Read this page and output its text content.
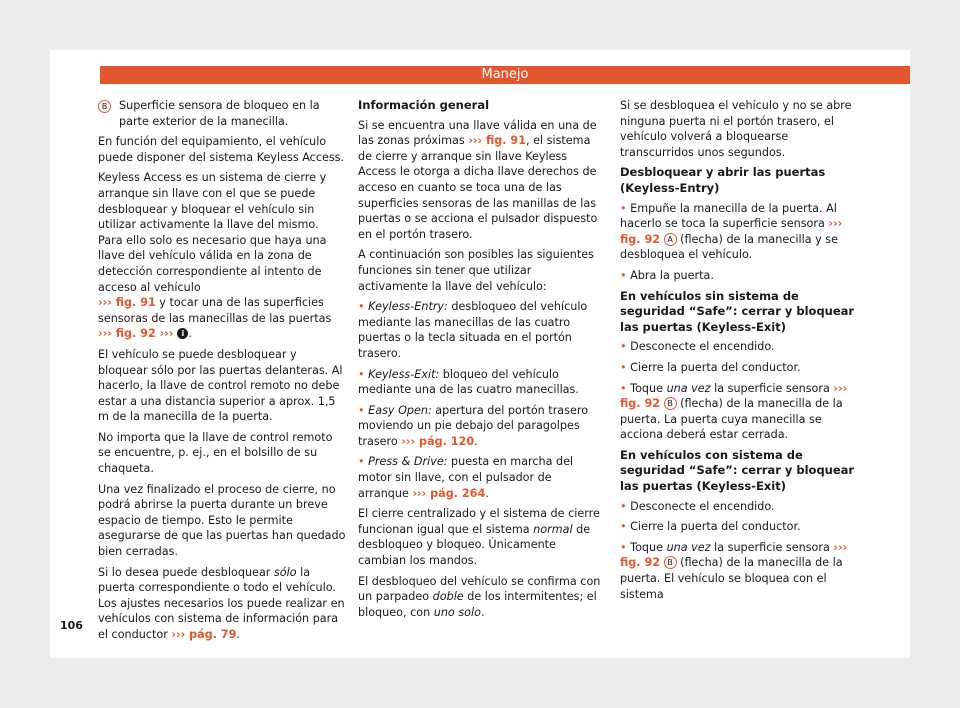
Manejo

B	Superficie sensora de bloqueo en la parte exterior de la manecilla.

En función del equipamiento, el vehículo puede disponer del sistema Keyless Access.

Keyless Access es un sistema de cierre y arranque sin llave con el que se puede desbloquear y bloquear el vehículo sin utilizar activamente la llave del mismo. Para ello solo es necesario que haya una llave del vehículo válida en la zona de detección correspondiente al intento de acceso al vehículo
››› fig. 91 y tocar una de las superficies sensoras de las manecillas de las puertas
››› fig. 92 ››› i .

El vehículo se puede desbloquear y bloquear sólo por las puertas delanteras. Al hacerlo, la llave de control remoto no debe estar a una distancia superior a aprox. 1,5 m de la manecilla de la puerta.

No importa que la llave de control remoto se encuentre, p. ej., en el bolsillo de su chaqueta.

Una vez finalizado el proceso de cierre, no podrá abrirse la puerta durante un breve espacio de tiempo. Esto le permite asegurarse de que las puertas han quedado bien cerradas.

Si lo desea puede desbloquear sólo la puerta correspondiente o todo el vehículo. Los ajustes necesarios los puede realizar en vehículos con sistema de información para el conductor ››› pág. 79.

Información general

Si se encuentra una llave válida en una de las zonas próximas ››› fig. 91, el sistema de cierre y arranque sin llave Keyless Access le otorga a dicha llave derechos de acceso en cuanto se toca una de las superficies sensoras de las manillas de las puertas o se acciona el pulsador dispuesto en el portón trasero.

A continuación son posibles las siguientes funciones sin tener que utilizar activamente la llave del vehículo:

• Keyless-Entry: desbloqueo del vehículo mediante las manecillas de las cuatro puertas o la tecla situada en el portón trasero.

• Keyless-Exit: bloqueo del vehículo mediante una de las cuatro manecillas.

• Easy Open: apertura del portón trasero moviendo un pie debajo del paragolpes trasero ››› pág. 120.

• Press & Drive: puesta en marcha del motor sin llave, con el pulsador de arranque ››› pág. 264.

El cierre centralizado y el sistema de cierre funcionan igual que el sistema normal de desbloqueo y bloqueo. Únicamente cambian los mandos.

El desbloqueo del vehículo se confirma con un parpadeo doble de los intermitentes; el bloqueo, con uno solo.

Si se desbloquea el vehículo y no se abre ninguna puerta ni el portón trasero, el vehículo volverá a bloquearse transcurridos unos segundos.

Desbloquear y abrir las puertas (Keyless-Entry)

• Empuñe la manecilla de la puerta. Al hacerlo se toca la superficie sensora ››› fig. 92 A (flecha) de la manecilla y se desbloquea el vehículo.

• Abra la puerta.

En vehículos sin sistema de seguridad “Safe”: cerrar y bloquear las puertas (Keyless-Exit)

• Desconecte el encendido.

• Cierre la puerta del conductor.

• Toque una vez la superficie sensora ››› fig. 92 B (flecha) de la manecilla de la puerta. La puerta cuya manecilla se acciona deberá estar cerrada.

En vehículos con sistema de seguridad “Safe”: cerrar y bloquear las puertas (Keyless-Exit)

• Desconecte el encendido.

• Cierre la puerta del conductor.

• Toque una vez la superficie sensora ››› fig. 92 B (flecha) de la manecilla de la puerta. El vehículo se bloquea con el sistema

106
